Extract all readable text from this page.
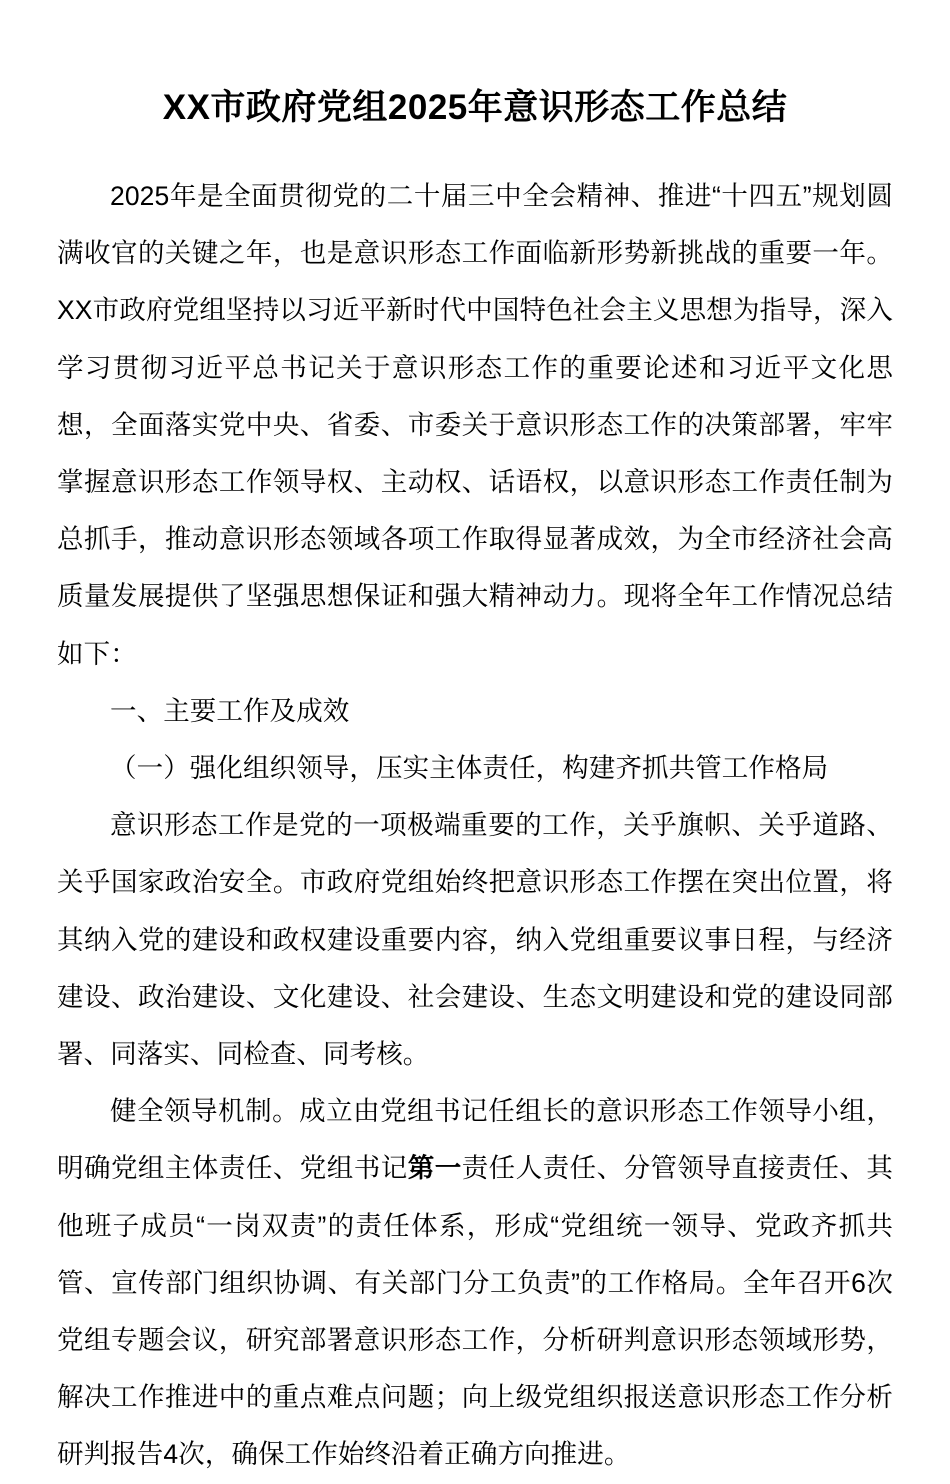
XX市政府党组2025年意识形态工作总结

2025年是全面贯彻党的二十届三中全会精神、推进“十四五”规划圆满收官的关键之年，也是意识形态工作面临新形势新挑战的重要一年。XX市政府党组坚持以习近平新时代中国特色社会主义思想为指导，深入学习贯彻习近平总书记关于意识形态工作的重要论述和习近平文化思想，全面落实党中央、省委、市委关于意识形态工作的决策部署，牢牢掌握意识形态工作领导权、主动权、话语权，以意识形态工作责任制为总抓手，推动意识形态领域各项工作取得显著成效，为全市经济社会高质量发展提供了坚强思想保证和强大精神动力。现将全年工作情况总结如下：

一、主要工作及成效

（一）强化组织领导，压实主体责任，构建齐抓共管工作格局

意识形态工作是党的一项极端重要的工作，关乎旗帜、关乎道路、关乎国家政治安全。市政府党组始终把意识形态工作摆在突出位置，将其纳入党的建设和政权建设重要内容，纳入党组重要议事日程，与经济建设、政治建设、文化建设、社会建设、生态文明建设和党的建设同部署、同落实、同检查、同考核。

健全领导机制。成立由党组书记任组长的意识形态工作领导小组，明确党组主体责任、党组书记第一责任人责任、分管领导直接责任、其他班子成员“一岗双责”的责任体系，形成“党组统一领导、党政齐抓共管、宣传部门组织协调、有关部门分工负责”的工作格局。全年召开6次党组专题会议，研究部署意识形态工作，分析研判意识形态领域形势，解决工作推进中的重点难点问题；向上级党组织报送意识形态工作分析研判报告4次，确保工作始终沿着正确方向推进。
